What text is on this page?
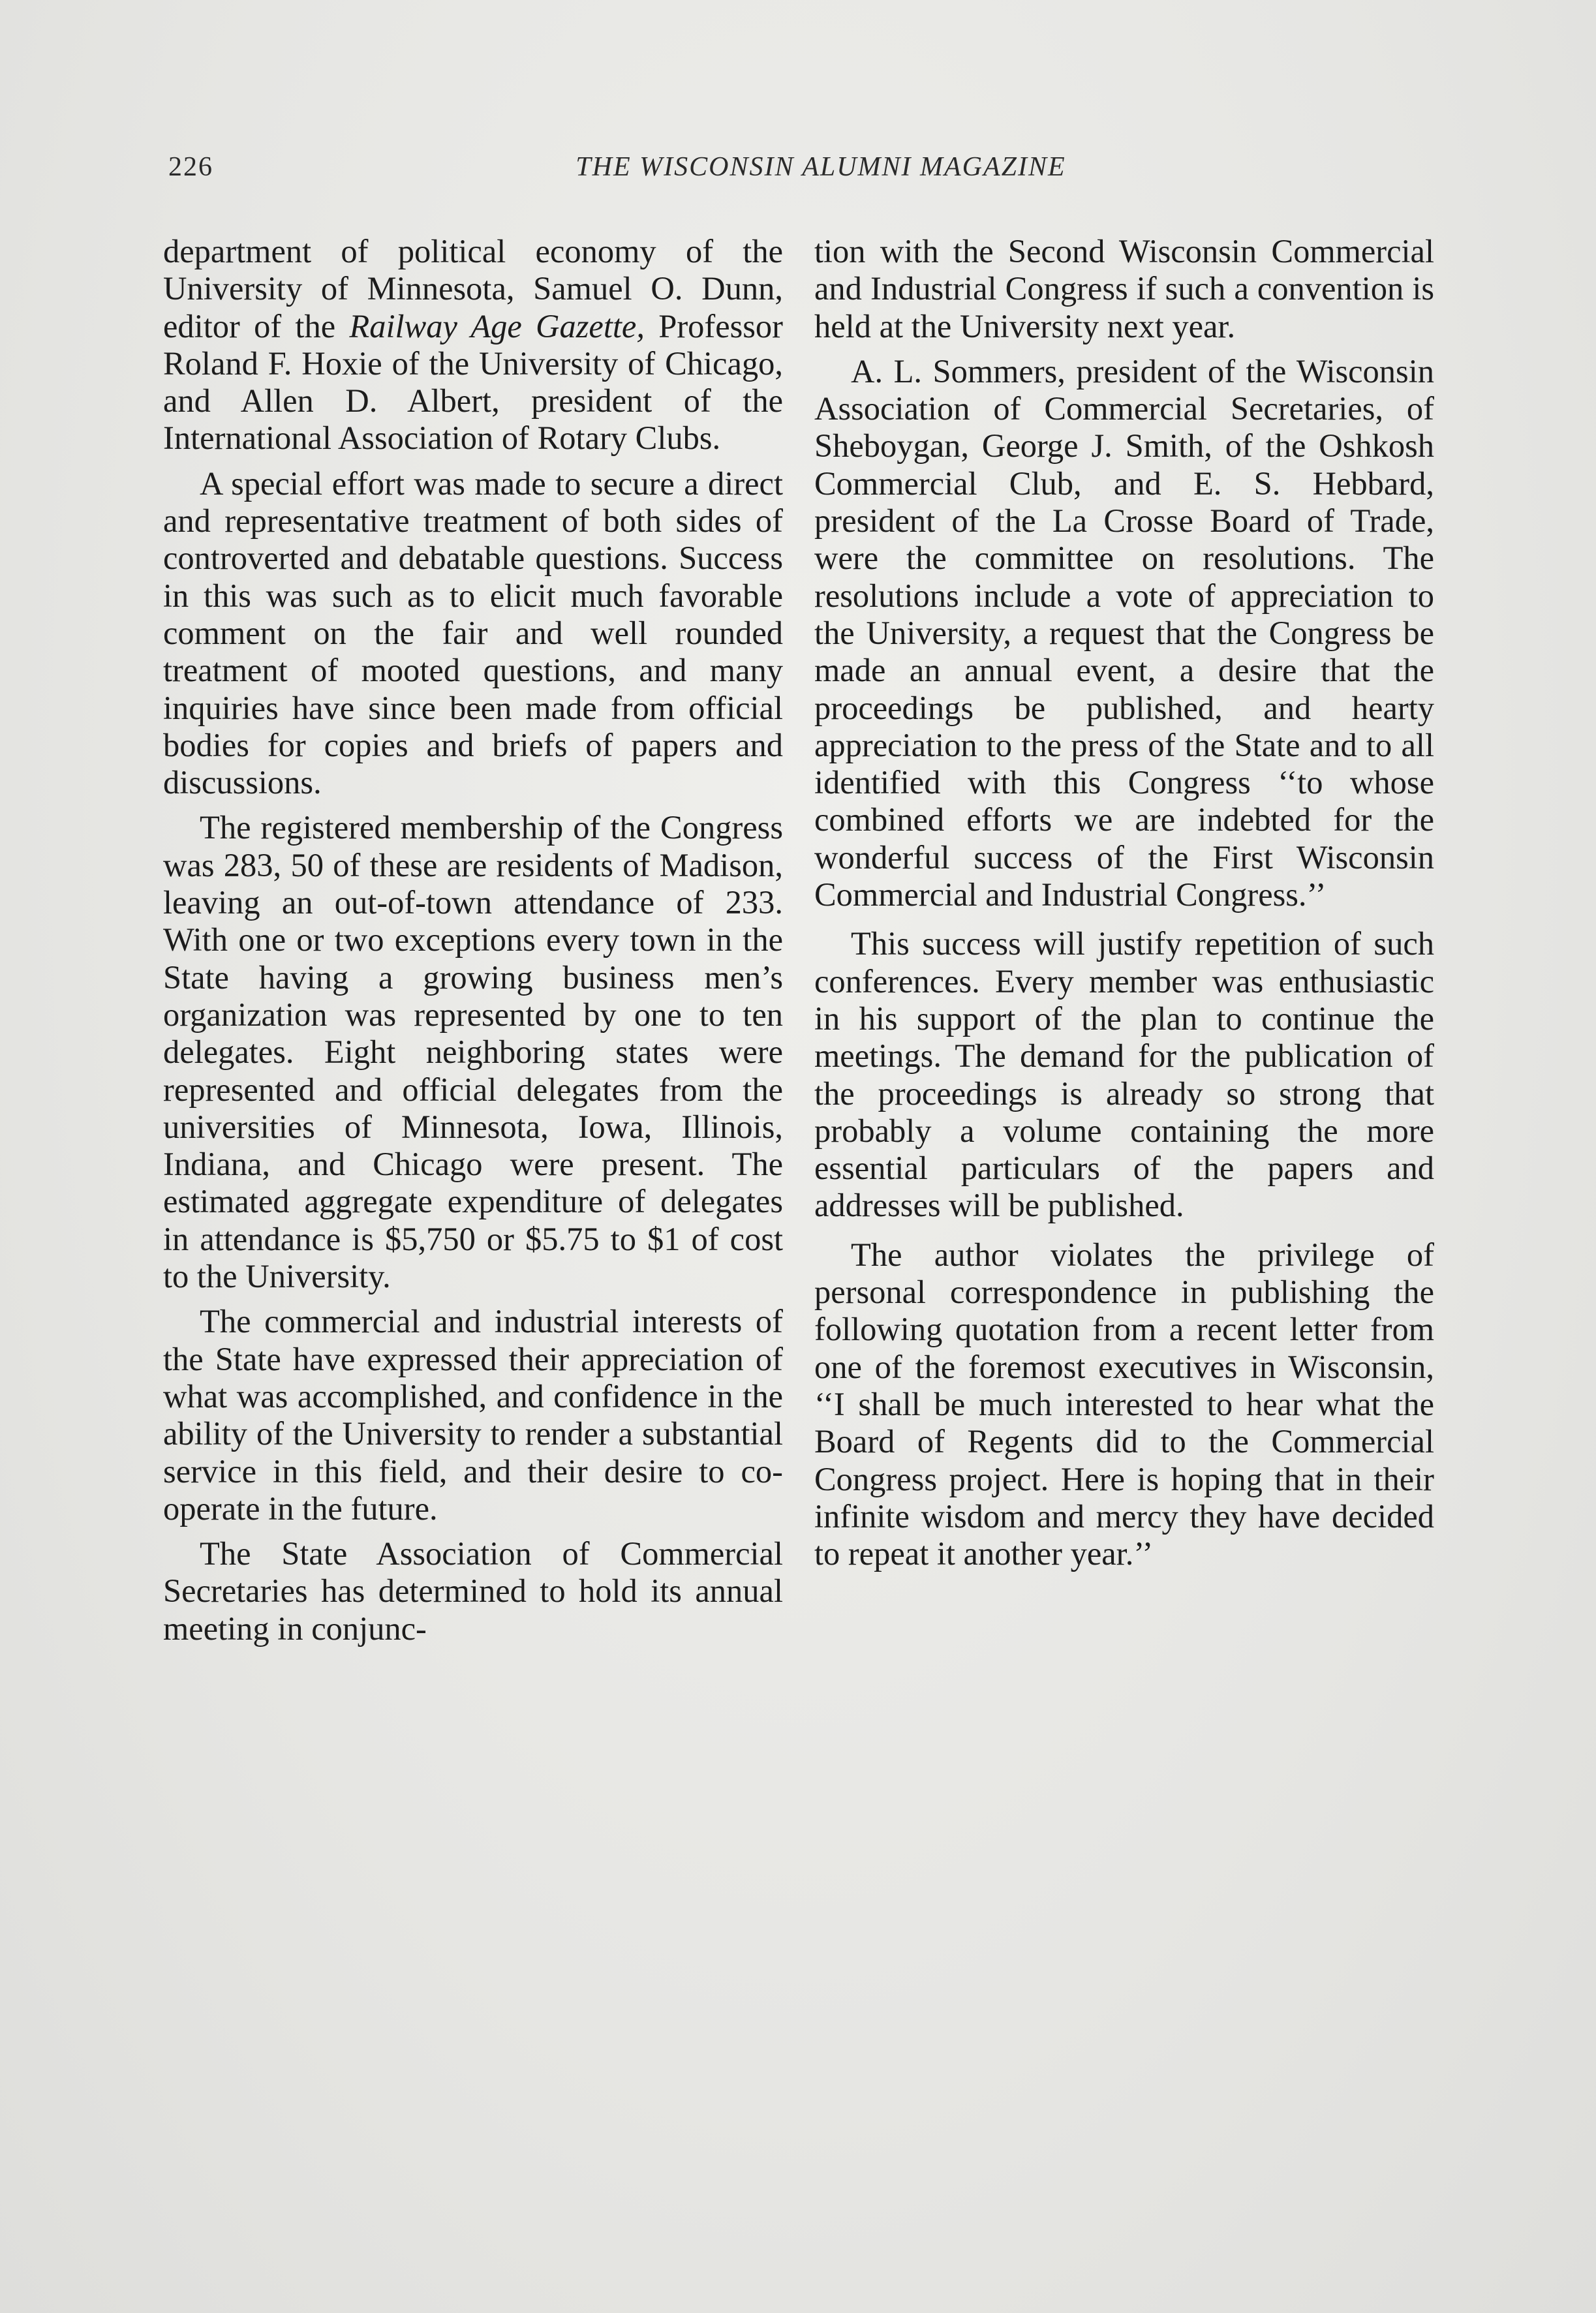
226	THE WISCONSIN ALUMNI MAGAZINE

department of political economy of the University of Minnesota, Samuel O. Dunn, editor of the Railway Age Gazette, Professor Roland F. Hoxie of the University of Chicago, and Allen D. Albert, president of the International Association of Rotary Clubs.

A special effort was made to secure a direct and representative treatment of both sides of controverted and debatable questions. Success in this was such as to elicit much favorable comment on the fair and well rounded treatment of mooted questions, and many inquiries have since been made from official bodies for copies and briefs of papers and discussions.

The registered membership of the Congress was 283, 50 of these are residents of Madison, leaving an out-of-town attendance of 233. With one or two exceptions every town in the State having a growing business men’s organization was represented by one to ten delegates. Eight neighboring states were represented and official delegates from the universities of Minnesota, Iowa, Illinois, Indiana, and Chicago were present. The estimated aggregate expenditure of delegates in attendance is $5,750 or $5.75 to $1 of cost to the University.

The commercial and industrial interests of the State have expressed their appreciation of what was accomplished, and confidence in the ability of the University to render a substantial service in this field, and their desire to co-operate in the future.

The State Association of Commercial Secretaries has determined to hold its annual meeting in conjunc-

tion with the Second Wisconsin Commercial and Industrial Congress if such a convention is held at the University next year.

A. L. Sommers, president of the Wisconsin Association of Commercial Secretaries, of Sheboygan, George J. Smith, of the Oshkosh Commercial Club, and E. S. Hebbard, president of the La Crosse Board of Trade, were the committee on resolutions. The resolutions include a vote of appreciation to the University, a request that the Congress be made an annual event, a desire that the proceedings be published, and hearty appreciation to the press of the State and to all identified with this Congress ‘‘to whose combined efforts we are indebted for the wonderful success of the First Wisconsin Commercial and Industrial Congress.’’

This success will justify repetition of such conferences. Every member was enthusiastic in his support of the plan to continue the meetings. The demand for the publication of the proceedings is already so strong that probably a volume containing the more essential particulars of the papers and addresses will be published.

The author violates the privilege of personal correspondence in publishing the following quotation from a recent letter from one of the foremost executives in Wisconsin, ‘‘I shall be much interested to hear what the Board of Regents did to the Commercial Congress project. Here is hoping that in their infinite wisdom and mercy they have decided to repeat it another year.’’
